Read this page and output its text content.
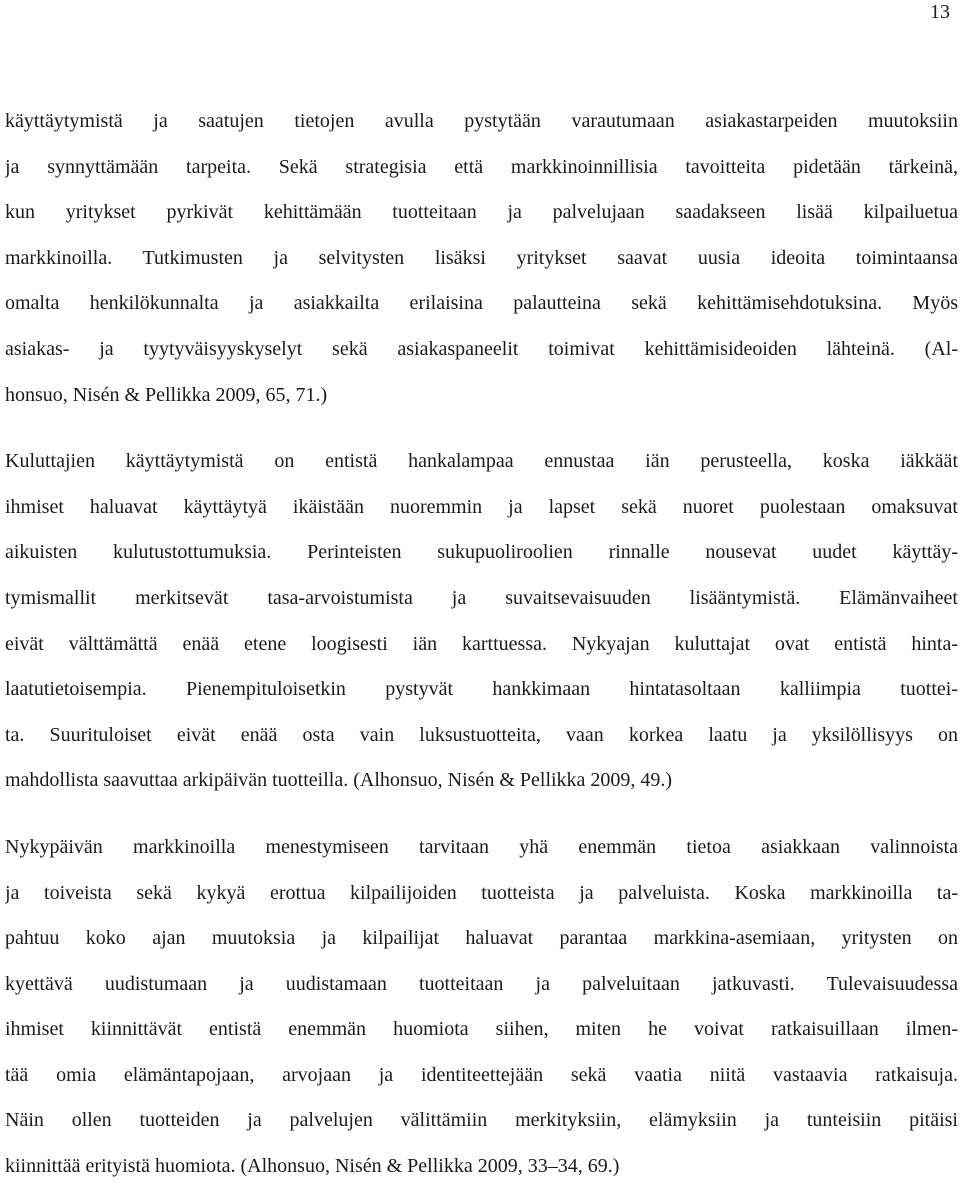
13

käyttäytymistä ja saatujen tietojen avulla pystytään varautumaan asiakastarpeiden muutoksiin
ja synnyttämään tarpeita. Sekä strategisia että markkinoinnillisia tavoitteita pidetään tärkeinä,
kun yritykset pyrkivät kehittämään tuotteitaan ja palvelujaan saadakseen lisää kilpailuetua
markkinoilla. Tutkimusten ja selvitysten lisäksi yritykset saavat uusia ideoita toimintaansa
omalta henkilökunnalta ja asiakkailta erilaisina palautteina sekä kehittämisehdotuksina. Myös
asiakas- ja tyytyväisyyskyselyt sekä asiakaspaneelit toimivat kehittämisideoiden lähteinä. (Al-
honsuo, Nisén & Pellikka 2009, 65, 71.)

Kuluttajien käyttäytymistä on entistä hankalampaa ennustaa iän perusteella, koska iäkkäät
ihmiset haluavat käyttäytyä ikäistään nuoremmin ja lapset sekä nuoret puolestaan omaksuvat
aikuisten kulutustottumuksia. Perinteisten sukupuoliroolien rinnalle nousevat uudet käyttäy-
tymismallit merkitsevät tasa-arvoistumista ja suvaitsevaisuuden lisääntymistä. Elämänvaiheet
eivät välttämättä enää etene loogisesti iän karttuessa. Nykyajan kuluttajat ovat entistä hinta-
laatutietoisempia. Pienempituloisetkin pystyvät hankkimaan hintatasoltaan kalliimpia tuottei-
ta. Suurituloiset eivät enää osta vain luksustuotteita, vaan korkea laatu ja yksilöllisyys on
mahdollista saavuttaa arkipäivän tuotteilla. (Alhonsuo, Nisén & Pellikka 2009, 49.)

Nykypäivän markkinoilla menestymiseen tarvitaan yhä enemmän tietoa asiakkaan valinnoista
ja toiveista sekä kykyä erottua kilpailijoiden tuotteista ja palveluista. Koska markkinoilla ta-
pahtuu koko ajan muutoksia ja kilpailijat haluavat parantaa markkina-asemiaan, yritysten on
kyettävä uudistumaan ja uudistamaan tuotteitaan ja palveluitaan jatkuvasti. Tulevaisuudessa
ihmiset kiinnittävät entistä enemmän huomiota siihen, miten he voivat ratkaisuillaan ilmen-
tää omia elämäntapojaan, arvojaan ja identiteettejään sekä vaatia niitä vastaavia ratkaisuja.
Näin ollen tuotteiden ja palvelujen välittämiin merkityksiin, elämyksiin ja tunteisiin pitäisi
kiinnittää erityistä huomiota. (Alhonsuo, Nisén & Pellikka 2009, 33–34, 69.)
